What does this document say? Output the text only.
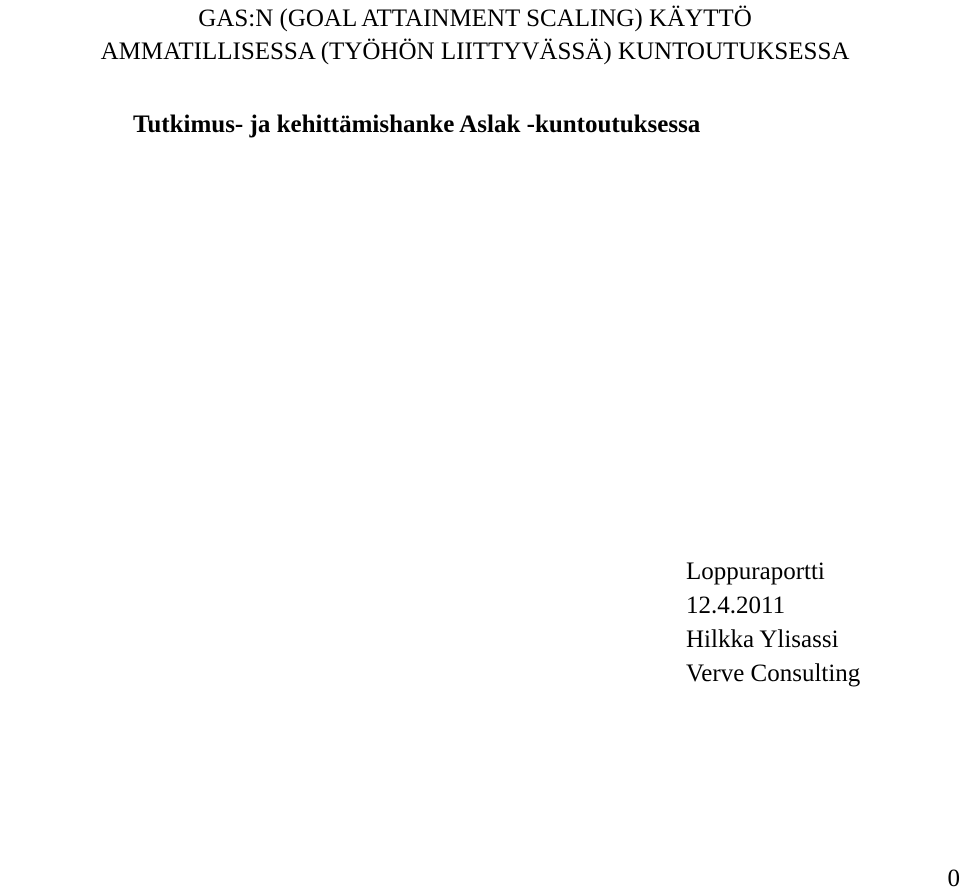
GAS:N (GOAL ATTAINMENT SCALING) KÄYTTÖ
AMMATILLISESSA (TYÖHÖN LIITTYVÄSSÄ) KUNTOUTUKSESSA
Tutkimus- ja kehittämishanke Aslak -kuntoutuksessa
Loppuraportti
12.4.2011
Hilkka Ylisassi
Verve Consulting
0
